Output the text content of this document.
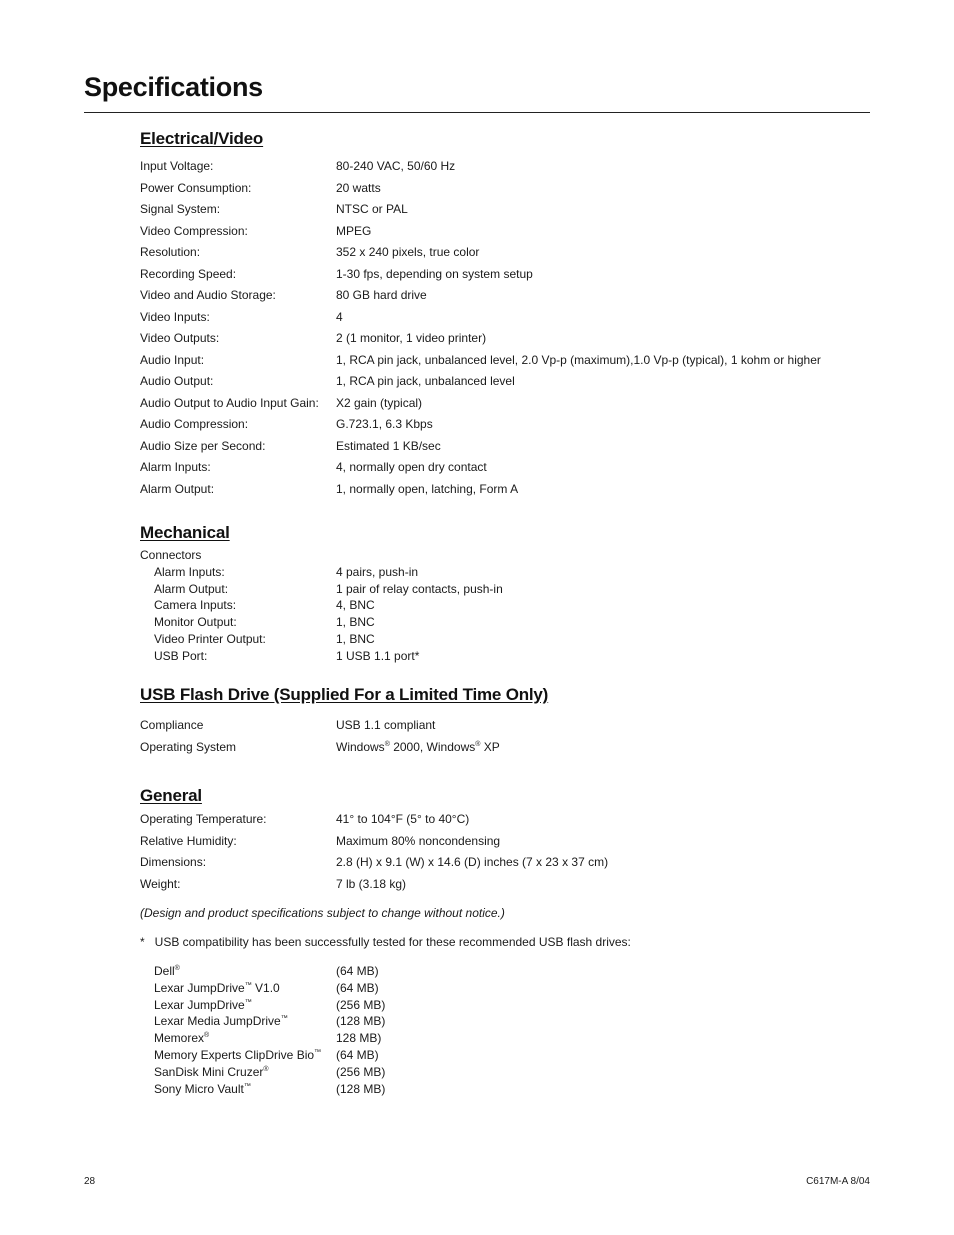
Specifications
Electrical/Video
Input Voltage:	80-240 VAC, 50/60 Hz
Power Consumption:	20 watts
Signal System:	NTSC or PAL
Video Compression:	MPEG
Resolution:	352 x 240 pixels, true color
Recording Speed:	1-30 fps, depending on system setup
Video and Audio Storage:	80 GB hard drive
Video Inputs:	4
Video Outputs:	2 (1 monitor, 1 video printer)
Audio Input:	1, RCA pin jack, unbalanced level, 2.0 Vp-p (maximum),1.0 Vp-p (typical), 1 kohm or higher
Audio Output:	1, RCA pin jack, unbalanced level
Audio Output to Audio Input Gain: X2 gain (typical)
Audio Compression:	G.723.1, 6.3 Kbps
Audio Size per Second:	Estimated 1 KB/sec
Alarm Inputs:	4, normally open dry contact
Alarm Output:	1, normally open, latching, Form A
Mechanical
Connectors
Alarm Inputs:	4 pairs, push-in
Alarm Output:	1 pair of relay contacts, push-in
Camera Inputs:	4, BNC
Monitor Output:	1, BNC
Video Printer Output:	1, BNC
USB Port:	1 USB 1.1 port*
USB Flash Drive (Supplied For a Limited Time Only)
Compliance	USB 1.1 compliant
Operating System	Windows® 2000, Windows® XP
General
Operating Temperature:	41° to 104°F (5° to 40°C)
Relative Humidity:	Maximum 80% noncondensing
Dimensions:	2.8 (H) x 9.1 (W) x 14.6 (D) inches (7 x 23 x 37 cm)
Weight:	7 lb (3.18 kg)
(Design and product specifications subject to change without notice.)
*   USB compatibility has been successfully tested for these recommended USB flash drives:
Dell®	(64 MB)
Lexar JumpDrive™ V1.0	(64 MB)
Lexar JumpDrive™	(256 MB)
Lexar Media JumpDrive™	(128 MB)
Memorex®	128 MB)
Memory Experts ClipDrive Bio™ (64 MB)
SanDisk Mini Cruzer®	(256 MB)
Sony Micro Vault™	(128 MB)
28	C617M-A 8/04
